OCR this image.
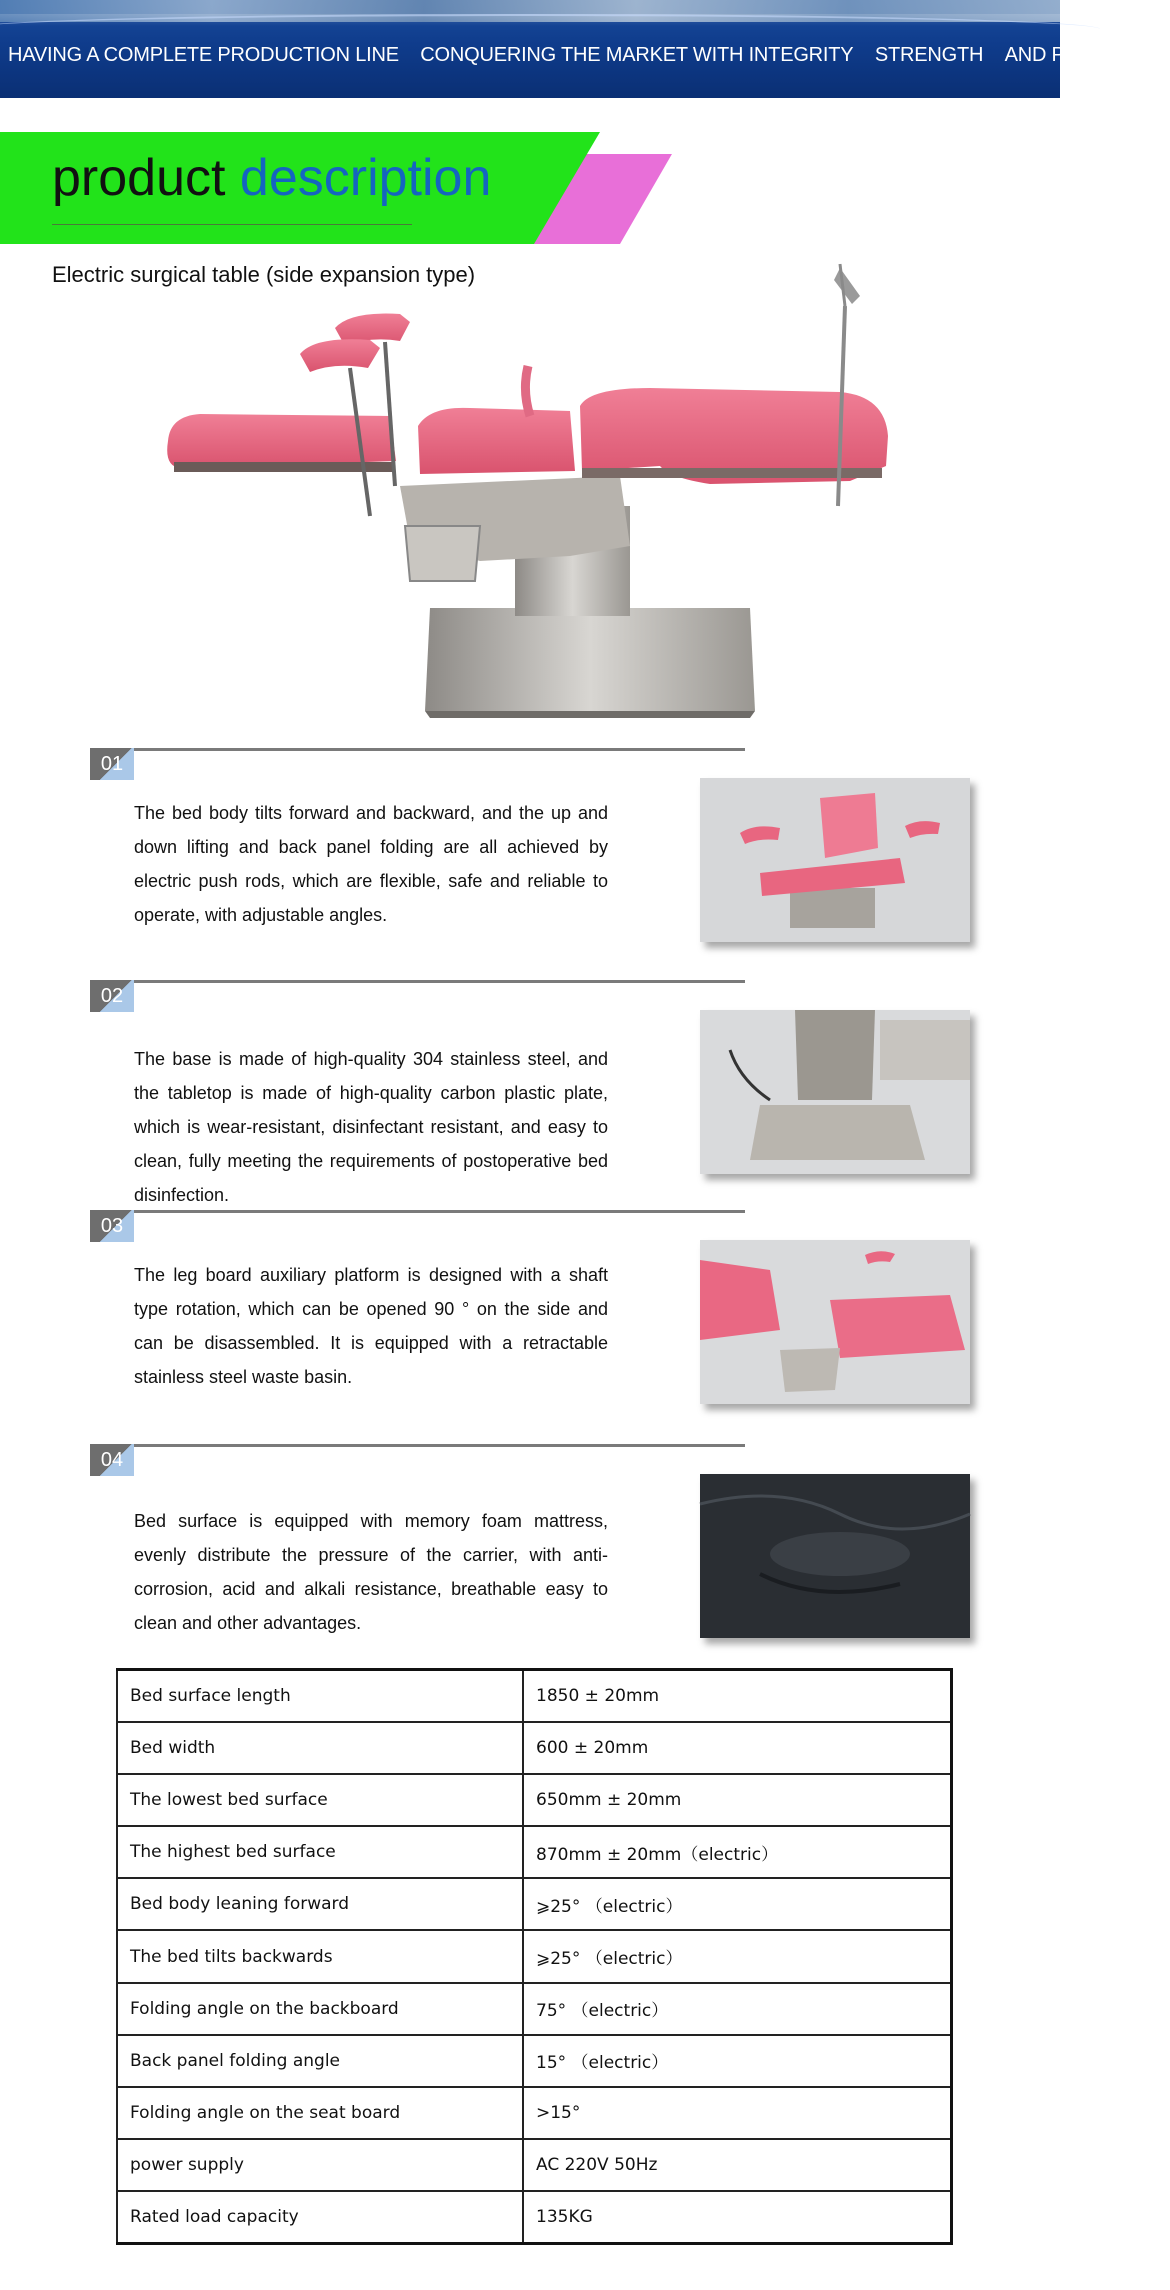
HAVING A COMPLETE PRODUCTION LINE CONQUERING THE MARKET WITH INTEGRITY STRENGTH AND PRODUCTS
product description
Electric surgical table (side expansion type)
01
The bed body tilts forward and backward, and the up and down lifting and back panel folding are all achieved by electric push rods, which are flexible, safe and reliable to operate, with adjustable angles.
02
The base is made of high-quality 304 stainless steel, and the tabletop is made of high-quality carbon plastic plate, which is wear-resistant, disinfectant resistant, and easy to clean, fully meeting the requirements of postoperative bed disinfection.
03
The leg board auxiliary platform is designed with a shaft type rotation, which can be opened 90 ° on the side and can be disassembled. It is equipped with a retractable stainless steel waste basin.
04
Bed surface is equipped with memory foam mattress, evenly distribute the pressure of the carrier, with anti-corrosion, acid and alkali resistance, breathable easy to clean and other advantages.
Bed surface length	1850 ± 20mm
Bed width	600 ± 20mm
The lowest bed surface	650mm ± 20mm
The highest bed surface	870mm ± 20mm（electric）
Bed body leaning forward	⩾25° （electric）
The bed tilts backwards	⩾25° （electric）
Folding angle on the backboard	75° （electric）
Back panel folding angle	15° （electric）
Folding angle on the seat board	>15°
power supply	AC 220V 50Hz
Rated load capacity	135KG
